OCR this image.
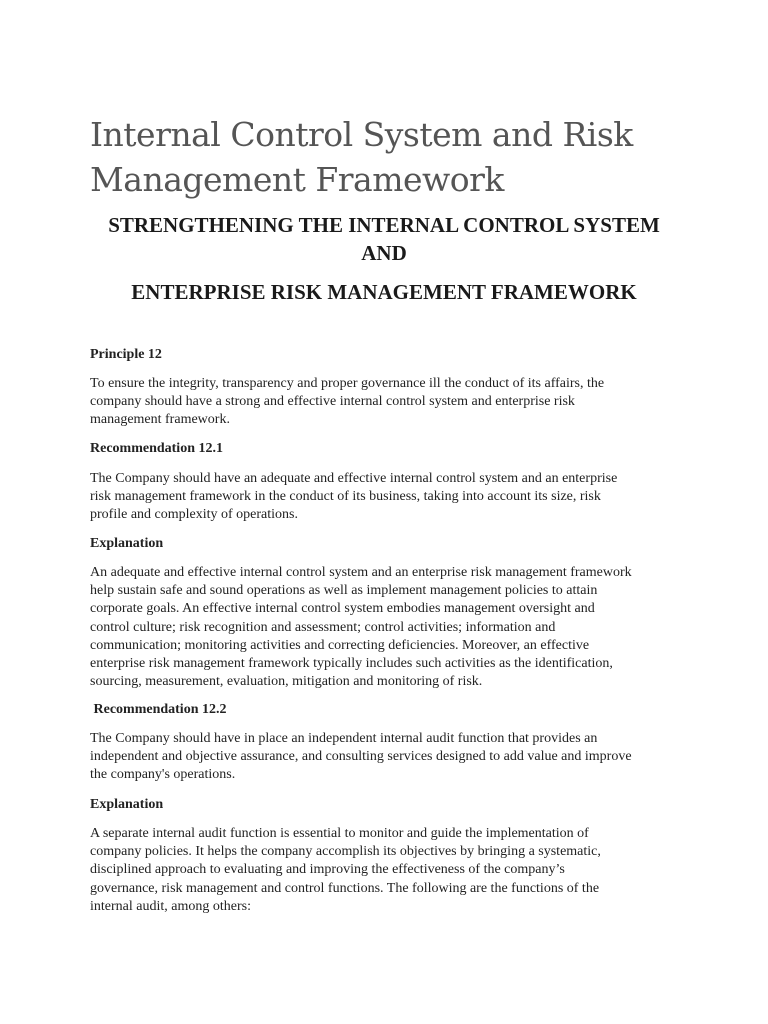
Internal Control System and Risk Management Framework
STRENGTHENING THE INTERNAL CONTROL SYSTEM AND
ENTERPRISE RISK MANAGEMENT FRAMEWORK
Principle 12
To ensure the integrity, transparency and proper governance ill the conduct of its affairs, the
company should have a strong and effective internal control system and enterprise risk
management framework.
Recommendation 12.1
The Company should have an adequate and effective internal control system and an enterprise
risk management framework in the conduct of its business, taking into account its size, risk
profile and complexity of operations.
Explanation
An adequate and effective internal control system and an enterprise risk management framework
help sustain safe and sound operations as well as implement management policies to attain
corporate goals. An effective internal control system embodies management oversight and
control culture; risk recognition and assessment; control activities; information and
communication; monitoring activities and correcting deficiencies. Moreover, an effective
enterprise risk management framework typically includes such activities as the identification,
sourcing, measurement, evaluation, mitigation and monitoring of risk.
Recommendation 12.2
The Company should have in place an independent internal audit function that provides an
independent and objective assurance, and consulting services designed to add value and improve
the company's operations.
Explanation
A separate internal audit function is essential to monitor and guide the implementation of
company policies. It helps the company accomplish its objectives by bringing a systematic,
disciplined approach to evaluating and improving the effectiveness of the company’s
governance, risk management and control functions. The following are the functions of the
internal audit, among others:
